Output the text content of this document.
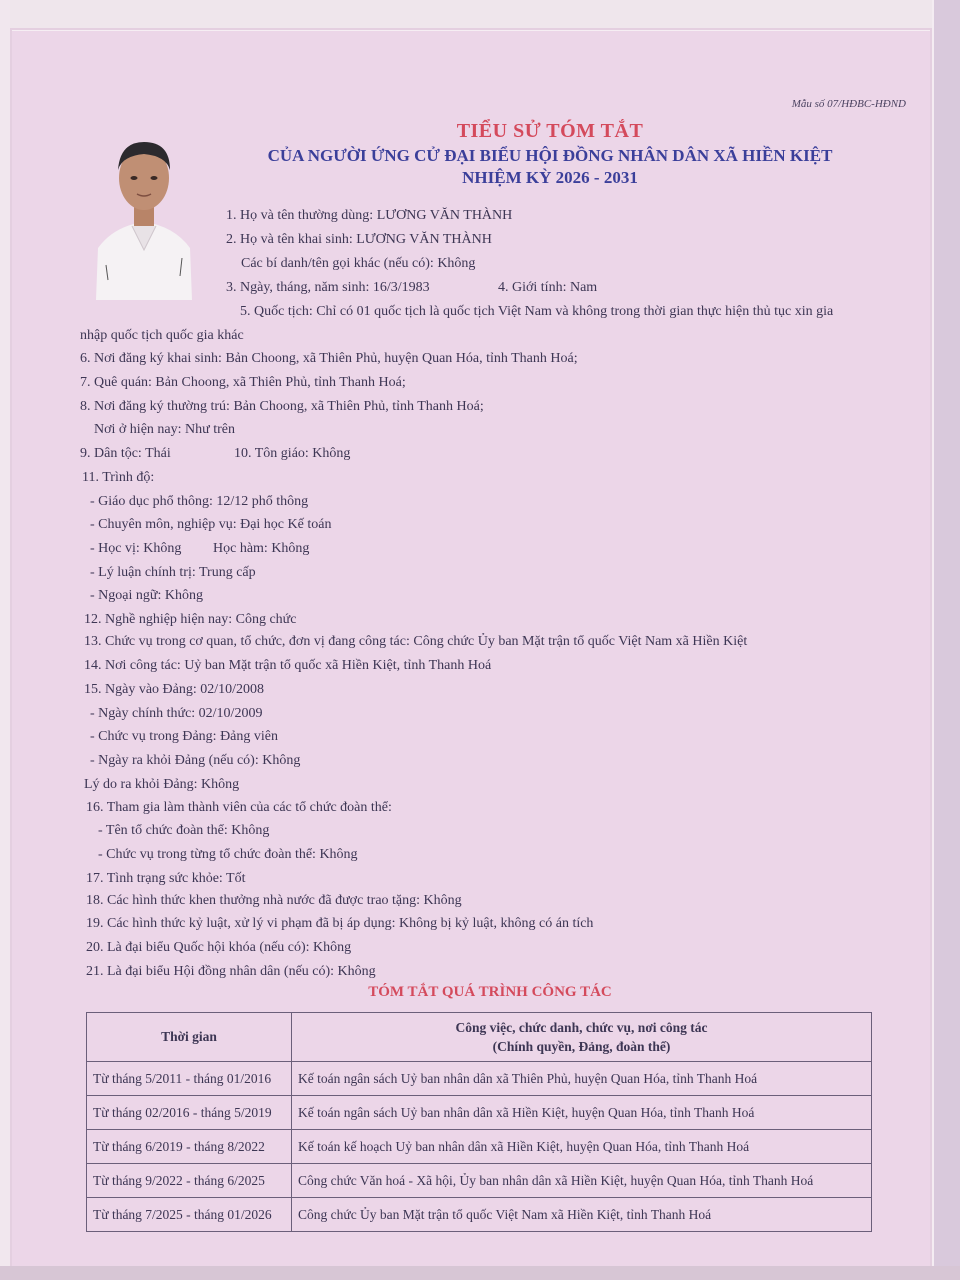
Mẫu số 07/HĐBC-HĐND
TIỂU SỬ TÓM TẮT
CỦA NGƯỜI ỨNG CỬ ĐẠI BIỂU HỘI ĐỒNG NHÂN DÂN XÃ HIỀN KIỆT
NHIỆM KỲ 2026 - 2031
1. Họ và tên thường dùng: LƯƠNG VĂN THÀNH
2. Họ và tên khai sinh: LƯƠNG VĂN THÀNH
Các bí danh/tên gọi khác (nếu có): Không
3. Ngày, tháng, năm sinh: 16/3/1983	4. Giới tính: Nam
5. Quốc tịch: Chỉ có 01 quốc tịch là quốc tịch Việt Nam và không trong thời gian thực hiện thủ tục xin gia
nhập quốc tịch quốc gia khác
6. Nơi đăng ký khai sinh: Bản Choong, xã Thiên Phủ, huyện Quan Hóa, tỉnh Thanh Hoá;
7. Quê quán: Bản Choong, xã Thiên Phủ, tỉnh Thanh Hoá;
8. Nơi đăng ký thường trú: Bản Choong, xã Thiên Phủ, tỉnh Thanh Hoá;
Nơi ở hiện nay: Như trên
9. Dân tộc: Thái	10. Tôn giáo: Không
11. Trình độ:
- Giáo dục phổ thông: 12/12 phổ thông
- Chuyên môn, nghiệp vụ: Đại học Kế toán
- Học vị: Không Học hàm: Không
- Lý luận chính trị: Trung cấp
- Ngoại ngữ: Không
12. Nghề nghiệp hiện nay: Công chức
13. Chức vụ trong cơ quan, tổ chức, đơn vị đang công tác: Công chức Ủy ban Mặt trận tổ quốc Việt Nam xã Hiền Kiệt
14. Nơi công tác: Uỷ ban Mặt trận tổ quốc xã Hiền Kiệt, tỉnh Thanh Hoá
15. Ngày vào Đảng: 02/10/2008
- Ngày chính thức: 02/10/2009
- Chức vụ trong Đảng: Đảng viên
- Ngày ra khỏi Đảng (nếu có): Không
Lý do ra khỏi Đảng: Không
16. Tham gia làm thành viên của các tổ chức đoàn thể:
- Tên tổ chức đoàn thể: Không
- Chức vụ trong từng tổ chức đoàn thể: Không
17. Tình trạng sức khỏe: Tốt
18. Các hình thức khen thưởng nhà nước đã được trao tặng: Không
19. Các hình thức kỷ luật, xử lý vi phạm đã bị áp dụng: Không bị kỷ luật, không có án tích
20. Là đại biểu Quốc hội khóa (nếu có): Không
21. Là đại biểu Hội đồng nhân dân (nếu có): Không
TÓM TẮT QUÁ TRÌNH CÔNG TÁC
Thời gian	Công việc, chức danh, chức vụ, nơi công tác
(Chính quyền, Đảng, đoàn thể)

Từ tháng 5/2011 - tháng 01/2016	Kế toán ngân sách Uỷ ban nhân dân xã Thiên Phủ, huyện Quan Hóa, tỉnh Thanh Hoá
Từ tháng 02/2016 - tháng 5/2019	Kế toán ngân sách Uỷ ban nhân dân xã Hiền Kiệt, huyện Quan Hóa, tỉnh Thanh Hoá
Từ tháng 6/2019 - tháng 8/2022	Kế toán kế hoạch Uỷ ban nhân dân xã Hiền Kiệt, huyện Quan Hóa, tỉnh Thanh Hoá
Từ tháng 9/2022 - tháng 6/2025	Công chức Văn hoá - Xã hội, Ủy ban nhân dân xã Hiền Kiệt, huyện Quan Hóa, tỉnh Thanh Hoá
Từ tháng 7/2025 - tháng 01/2026	Công chức Ủy ban Mặt trận tổ quốc Việt Nam xã Hiền Kiệt, tỉnh Thanh Hoá
